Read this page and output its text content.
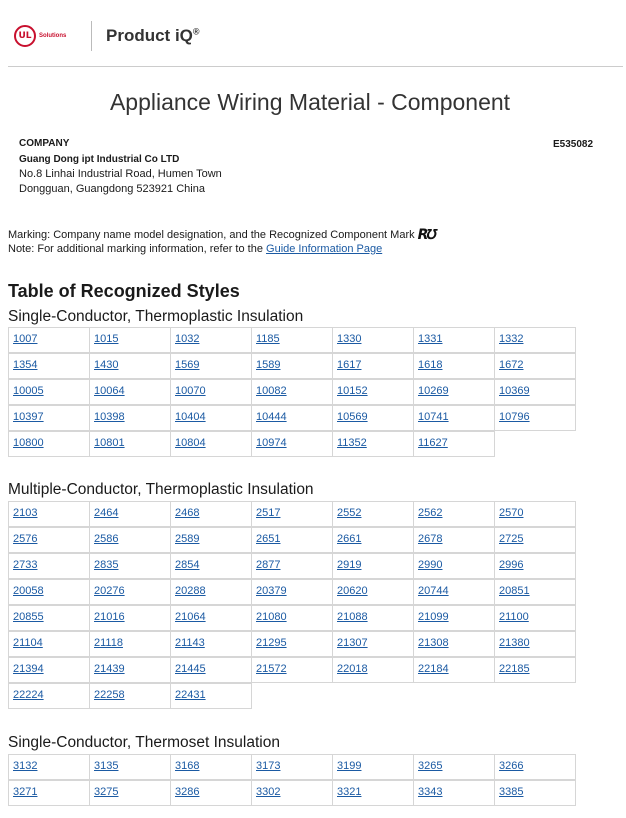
UL	Solutions Product iQ®
Appliance Wiring Material - Component
COMPANY
Guang Dong ipt Industrial Co LTD
No.8 Linhai Industrial Road, Humen Town
Dongguan, Guangdong 523921 China
E535082
Marking: Company name model designation, and the Recognized Component Mark R℧
Note: For additional marking information, refer to the Guide Information Page
Table of Recognized Styles
Single-Conductor, Thermoplastic Insulation
1007	1015	1032	1185	1330	1331	1332
1354	1430	1569	1589	1617	1618	1672
10005	10064	10070	10082	10152	10269	10369
10397	10398	10404	10444	10569	10741	10796
10800	10801	10804	10974	11352	11627
Multiple-Conductor, Thermoplastic Insulation
2103	2464	2468	2517	2552	2562	2570
2576	2586	2589	2651	2661	2678	2725
2733	2835	2854	2877	2919	2990	2996
20058	20276	20288	20379	20620	20744	20851
20855	21016	21064	21080	21088	21099	21100
21104	21118	21143	21295	21307	21308	21380
21394	21439	21445	21572	22018	22184	22185
22224	22258	22431
Single-Conductor, Thermoset Insulation
3132	3135	3168	3173	3199	3265	3266
3271	3275	3286	3302	3321	3343	3385
